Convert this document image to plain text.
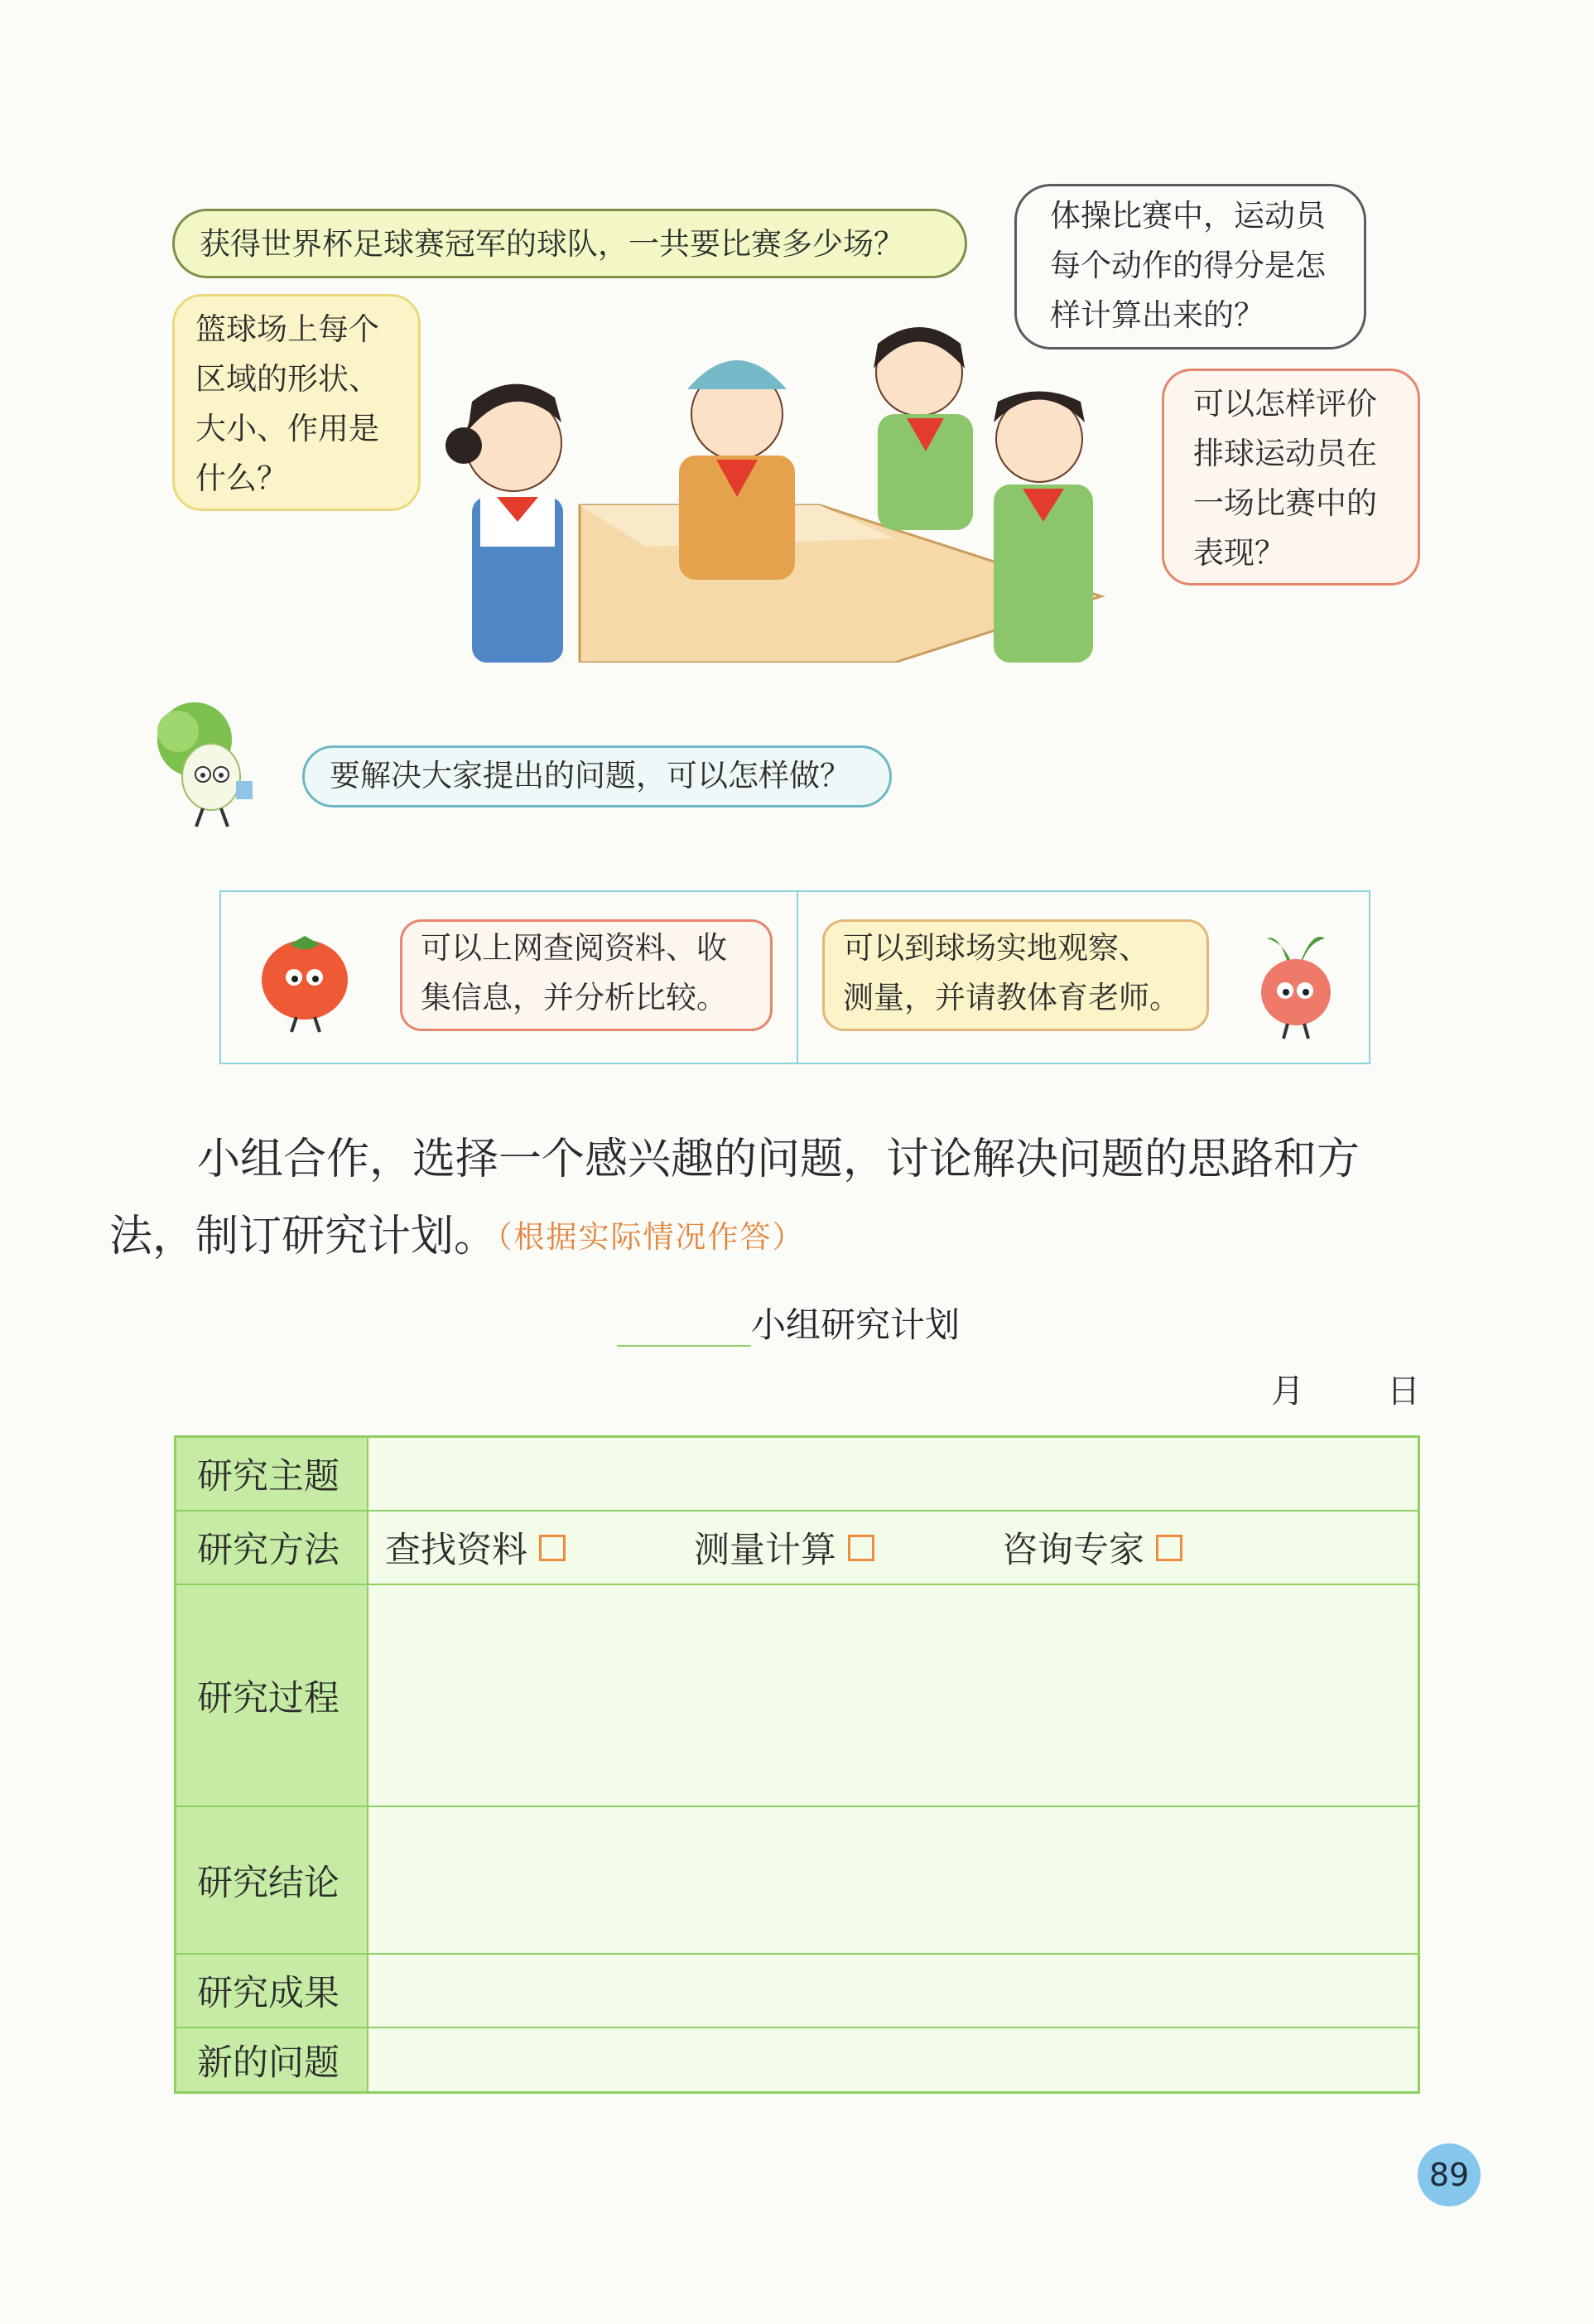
获得世界杯足球赛冠军的球队，一共要比赛多少场？
体操比赛中，运动员
每个动作的得分是怎
样计算出来的？
篮球场上每个
区域的形状、
大小、作用是
什么？
可以怎样评价
排球运动员在
一场比赛中的
表现？
要解决大家提出的问题，可以怎样做？
可以上网查阅资料、收
集信息，并分析比较。
可以到球场实地观察、
测量，并请教体育老师。
小组合作，选择一个感兴趣的问题，讨论解决问题的思路和方
法，制订研究计划。（根据实际情况作答）
小组研究计划
月	日
研究主题
研究方法	查找资料	测量计算	咨询专家
研究过程
研究结论
研究成果
新的问题
89
